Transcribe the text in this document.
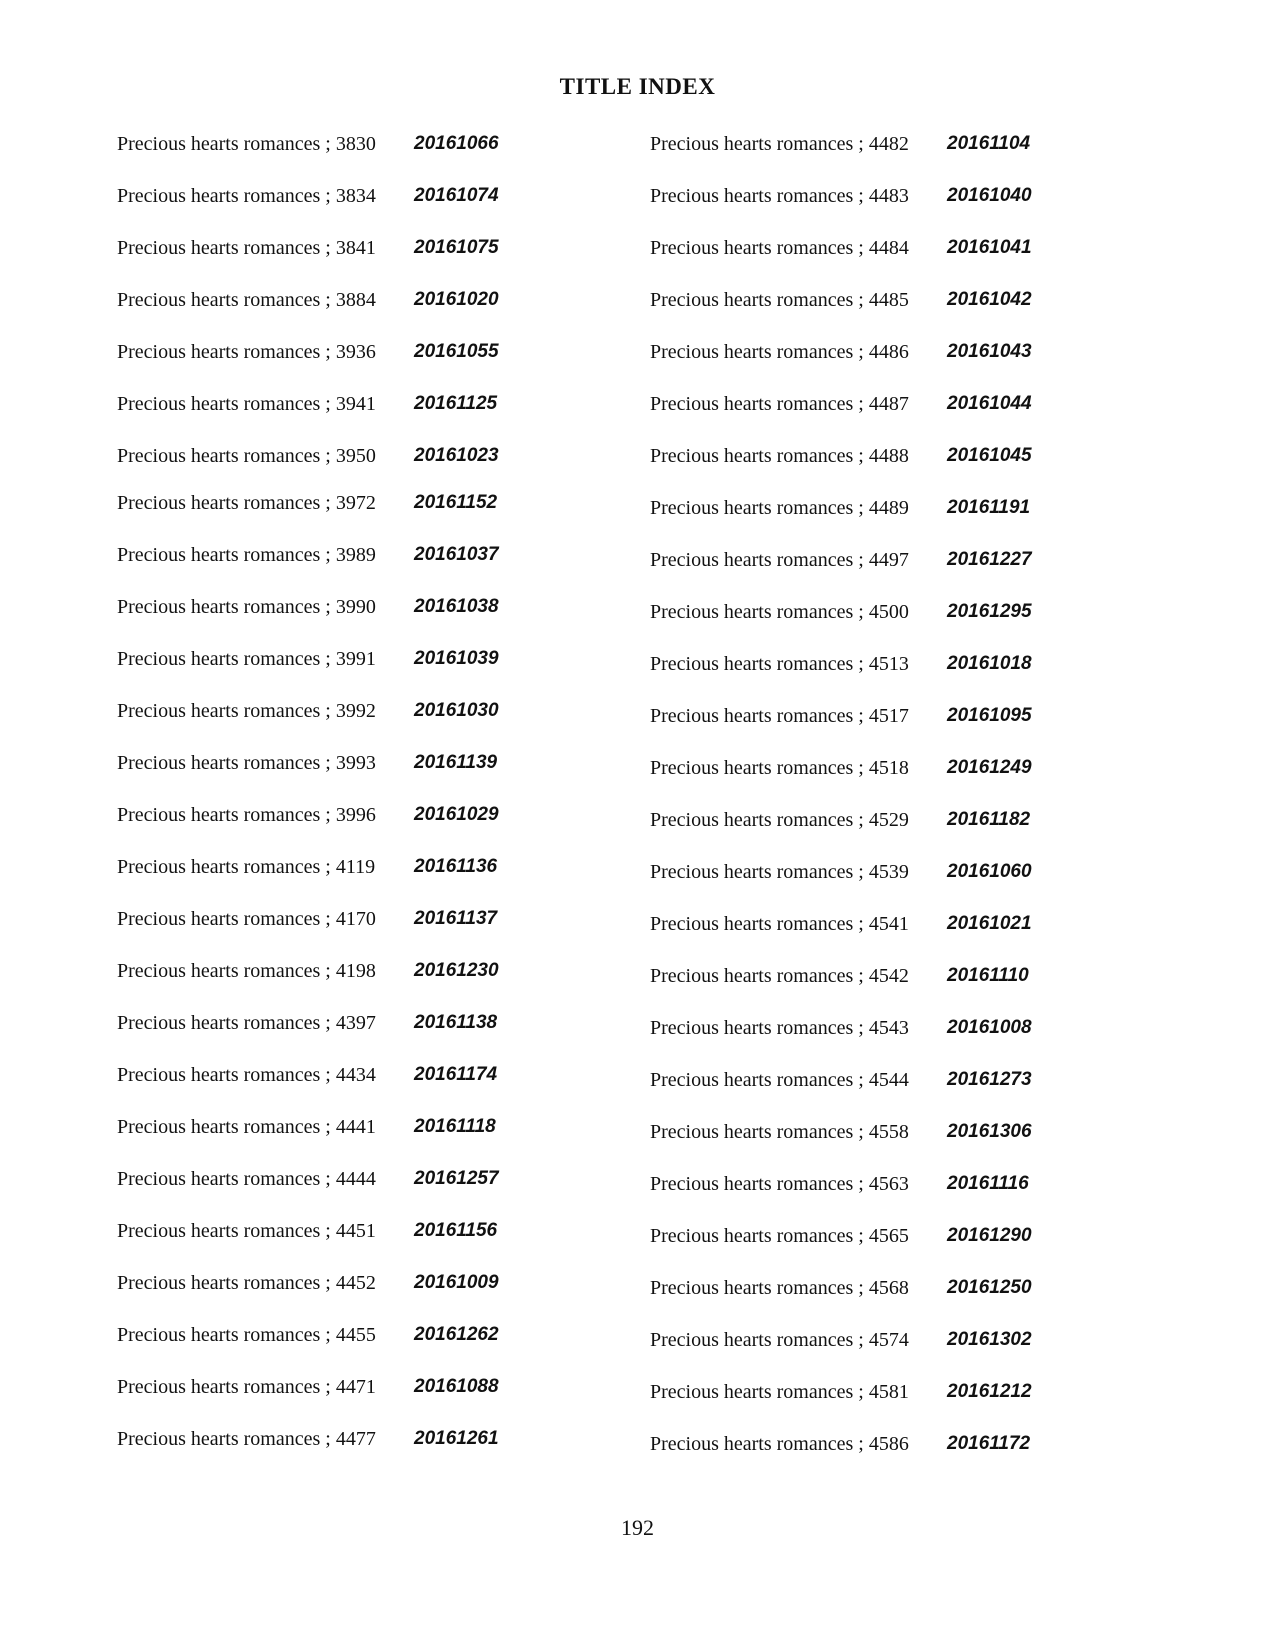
TITLE INDEX
Precious hearts romances ; 3830 20161066
Precious hearts romances ; 3834 20161074
Precious hearts romances ; 3841 20161075
Precious hearts romances ; 3884 20161020
Precious hearts romances ; 3936 20161055
Precious hearts romances ; 3941 20161125
Precious hearts romances ; 3950 20161023
Precious hearts romances ; 3972 20161152
Precious hearts romances ; 3989 20161037
Precious hearts romances ; 3990 20161038
Precious hearts romances ; 3991 20161039
Precious hearts romances ; 3992 20161030
Precious hearts romances ; 3993 20161139
Precious hearts romances ; 3996 20161029
Precious hearts romances ; 4119 20161136
Precious hearts romances ; 4170 20161137
Precious hearts romances ; 4198 20161230
Precious hearts romances ; 4397 20161138
Precious hearts romances ; 4434 20161174
Precious hearts romances ; 4441 20161118
Precious hearts romances ; 4444 20161257
Precious hearts romances ; 4451 20161156
Precious hearts romances ; 4452 20161009
Precious hearts romances ; 4455 20161262
Precious hearts romances ; 4471 20161088
Precious hearts romances ; 4477 20161261
Precious hearts romances ; 4482 20161104
Precious hearts romances ; 4483 20161040
Precious hearts romances ; 4484 20161041
Precious hearts romances ; 4485 20161042
Precious hearts romances ; 4486 20161043
Precious hearts romances ; 4487 20161044
Precious hearts romances ; 4488 20161045
Precious hearts romances ; 4489 20161191
Precious hearts romances ; 4497 20161227
Precious hearts romances ; 4500 20161295
Precious hearts romances ; 4513 20161018
Precious hearts romances ; 4517 20161095
Precious hearts romances ; 4518 20161249
Precious hearts romances ; 4529 20161182
Precious hearts romances ; 4539 20161060
Precious hearts romances ; 4541 20161021
Precious hearts romances ; 4542 20161110
Precious hearts romances ; 4543 20161008
Precious hearts romances ; 4544 20161273
Precious hearts romances ; 4558 20161306
Precious hearts romances ; 4563 20161116
Precious hearts romances ; 4565 20161290
Precious hearts romances ; 4568 20161250
Precious hearts romances ; 4574 20161302
Precious hearts romances ; 4581 20161212
Precious hearts romances ; 4586 20161172
192
